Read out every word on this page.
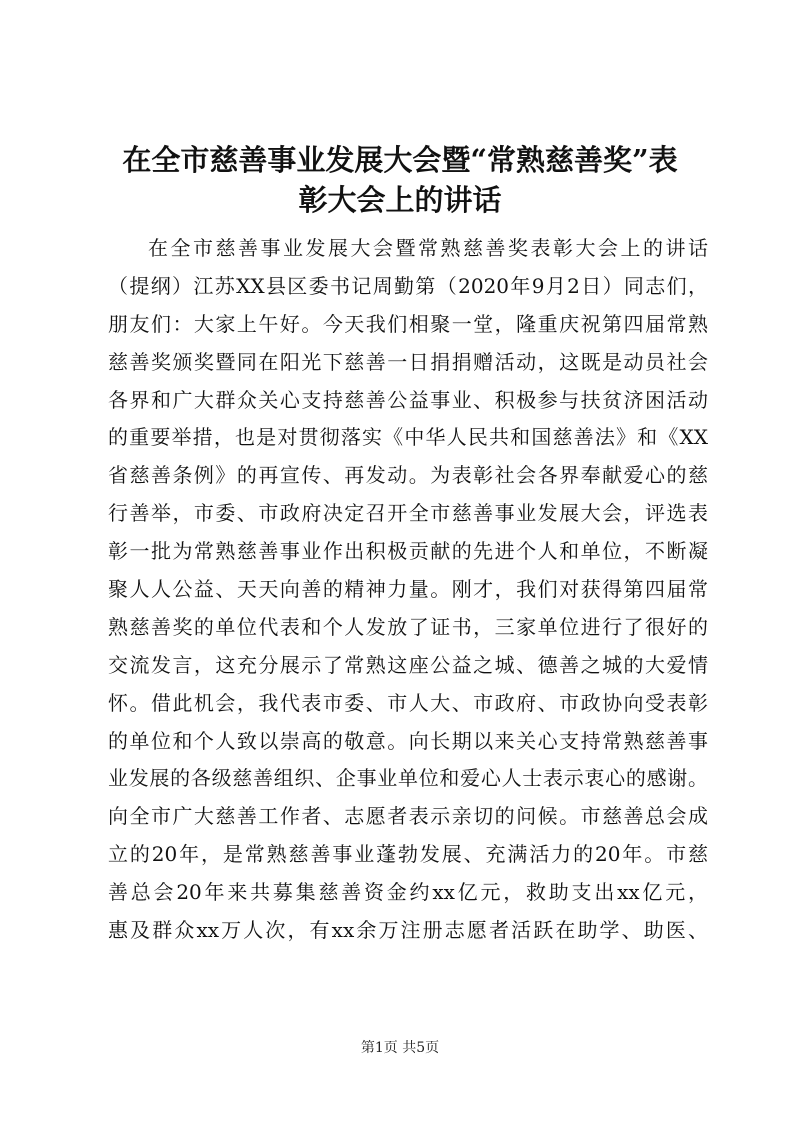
在全市慈善事业发展大会暨“常熟慈善奖”表
彰大会上的讲话
在全市慈善事业发展大会暨常熟慈善奖表彰大会上的讲话
（提纲）江苏XX县区委书记周勤第（2020年9月2日）同志们，
朋友们：大家上午好。今天我们相聚一堂，隆重庆祝第四届常熟
慈善奖颁奖暨同在阳光下慈善一日捐捐赠活动，这既是动员社会
各界和广大群众关心支持慈善公益事业、积极参与扶贫济困活动
的重要举措，也是对贯彻落实《中华人民共和国慈善法》和《XX
省慈善条例》的再宣传、再发动。为表彰社会各界奉献爱心的慈
行善举，市委、市政府决定召开全市慈善事业发展大会，评选表
彰一批为常熟慈善事业作出积极贡献的先进个人和单位，不断凝
聚人人公益、天天向善的精神力量。刚才，我们对获得第四届常
熟慈善奖的单位代表和个人发放了证书，三家单位进行了很好的
交流发言，这充分展示了常熟这座公益之城、德善之城的大爱情
怀。借此机会，我代表市委、市人大、市政府、市政协向受表彰
的单位和个人致以崇高的敬意。向长期以来关心支持常熟慈善事
业发展的各级慈善组织、企事业单位和爱心人士表示衷心的感谢。
向全市广大慈善工作者、志愿者表示亲切的问候。市慈善总会成
立的20年，是常熟慈善事业蓬勃发展、充满活力的20年。市慈
善总会20年来共募集慈善资金约xx亿元，救助支出xx亿元，
惠及群众xx万人次，有xx余万注册志愿者活跃在助学、助医、
第1页 共5页
